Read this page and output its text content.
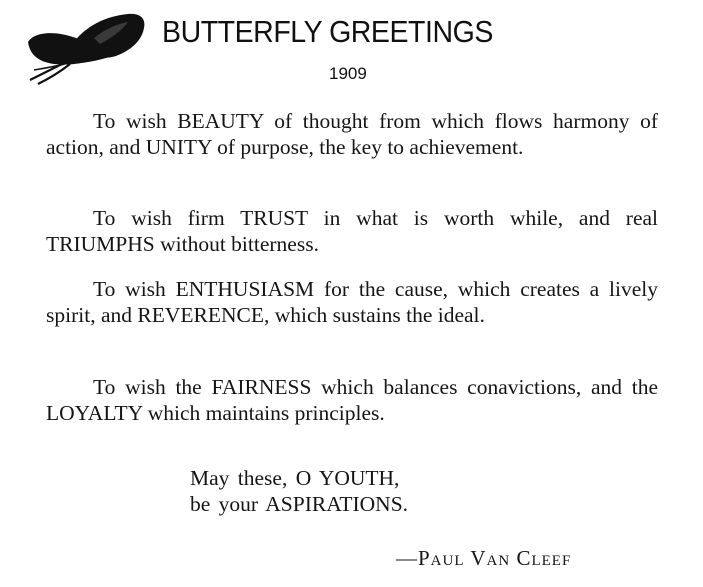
BUTTERFLY GREETINGS
1909

To wish BEAUTY of thought from which flows harmony of action, and UNITY of purpose, the key to achievement.

To wish firm TRUST in what is worth while, and real TRIUMPHS without bitterness.

To wish ENTHUSIASM for the cause, which creates a lively spirit, and REVERENCE, which sustains the ideal.

To wish the FAIRNESS which balances conavictions, and the LOYALTY which maintains principles.

May these, O YOUTH,
be your ASPIRATIONS.
—Paul Van Cleef
